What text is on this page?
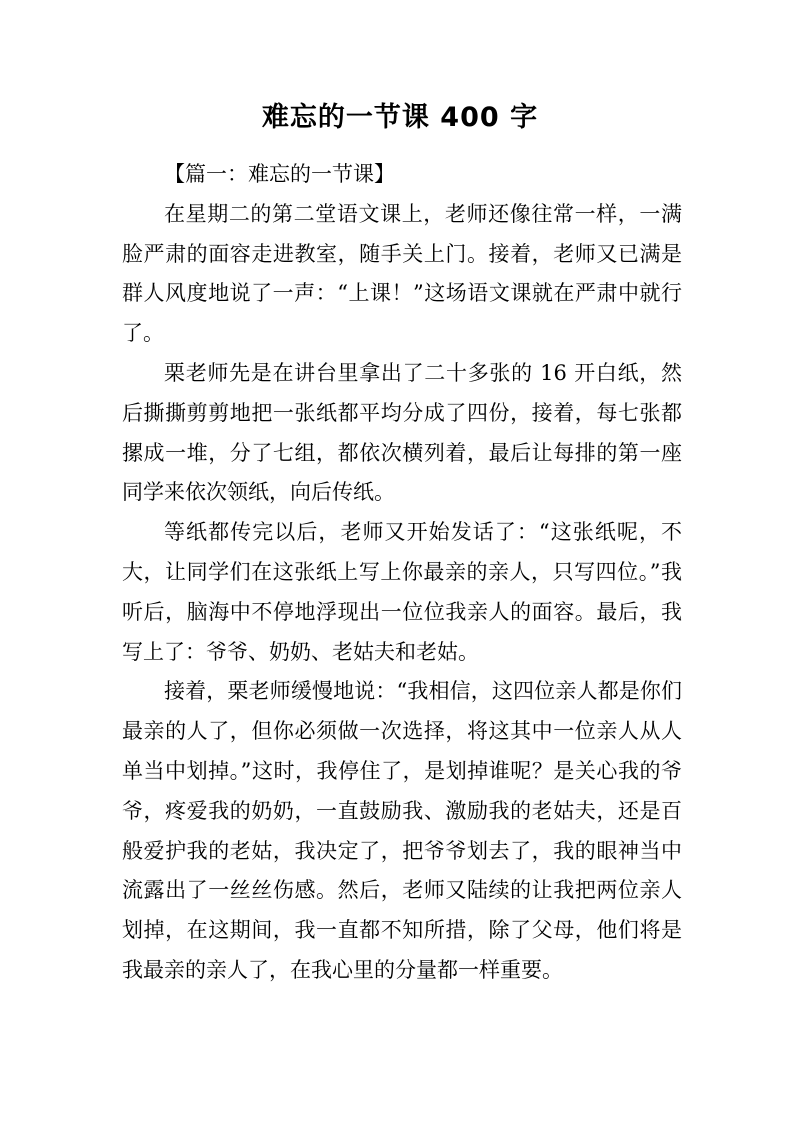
难忘的一节课 400 字

【篇一：难忘的一节课】

在星期二的第二堂语文课上，老师还像往常一样，一满脸严肃的面容走进教室，随手关上门。接着，老师又已满是群人风度地说了一声：“上课！”这场语文课就在严肃中就行了。

栗老师先是在讲台里拿出了二十多张的 16 开白纸，然后撕撕剪剪地把一张纸都平均分成了四份，接着，每七张都摞成一堆，分了七组，都依次横列着，最后让每排的第一座同学来依次领纸，向后传纸。

等纸都传完以后，老师又开始发话了：“这张纸呢，不大，让同学们在这张纸上写上你最亲的亲人，只写四位。”我听后，脑海中不停地浮现出一位位我亲人的面容。最后，我写上了：爷爷、奶奶、老姑夫和老姑。

接着，栗老师缓慢地说：“我相信，这四位亲人都是你们最亲的人了，但你必须做一次选择，将这其中一位亲人从人单当中划掉。”这时，我停住了，是划掉谁呢？是关心我的爷爷，疼爱我的奶奶，一直鼓励我、激励我的老姑夫，还是百般爱护我的老姑，我决定了，把爷爷划去了，我的眼神当中流露出了一丝丝伤感。然后，老师又陆续的让我把两位亲人划掉，在这期间，我一直都不知所措，除了父母，他们将是我最亲的亲人了，在我心里的分量都一样重要。
